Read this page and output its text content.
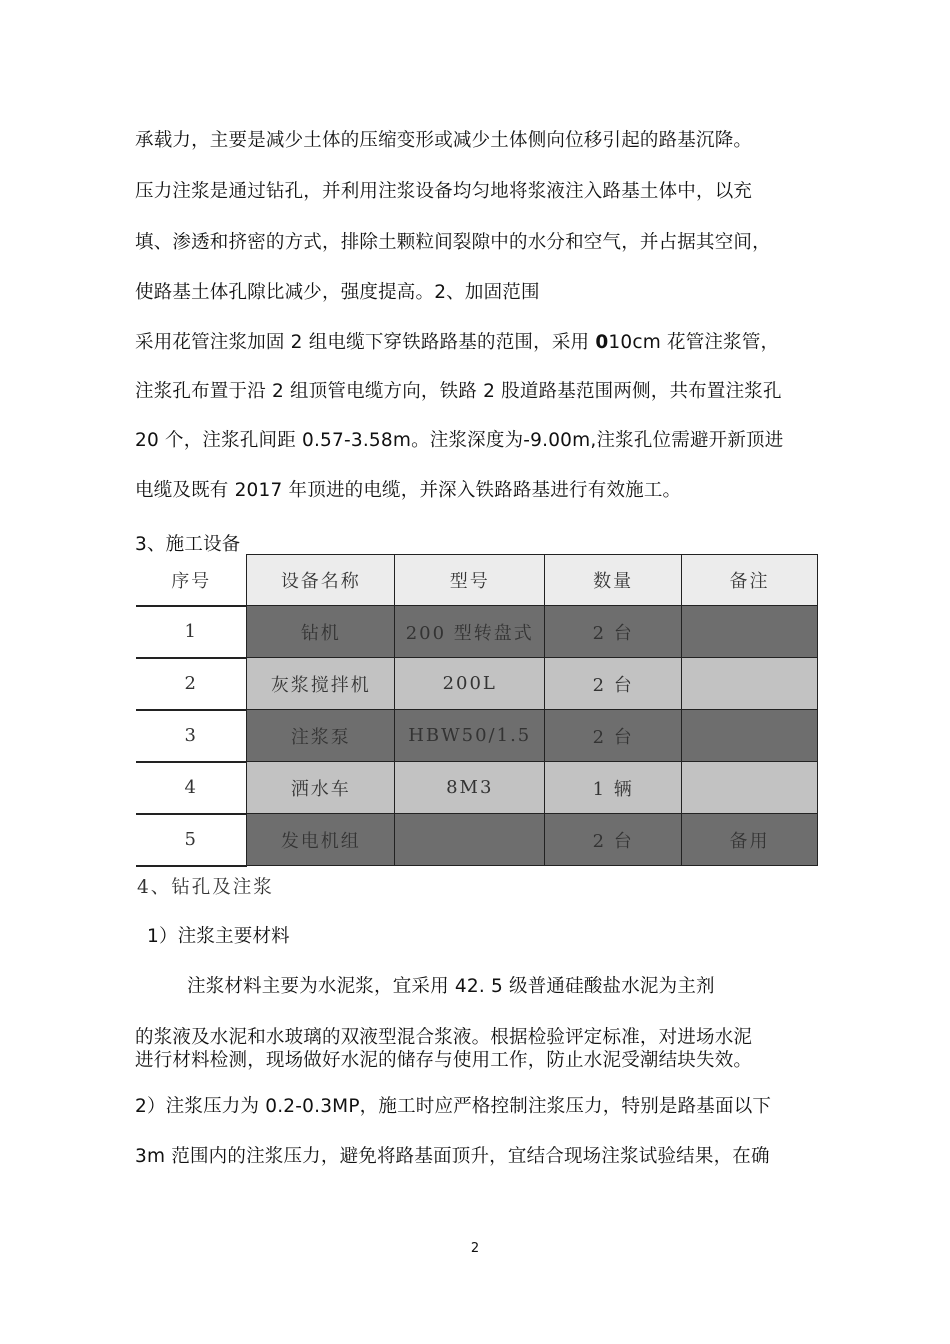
承载力，主要是减少土体的压缩变形或减少土体侧向位移引起的路基沉降。
压力注浆是通过钻孔，并利用注浆设备均匀地将浆液注入路基土体中，以充
填、渗透和挤密的方式，排除土颗粒间裂隙中的水分和空气，并占据其空间，
使路基土体孔隙比减少，强度提高。2、加固范围
采用花管注浆加固 2 组电缆下穿铁路路基的范围，采用 010cm 花管注浆管，
注浆孔布置于沿 2 组顶管电缆方向，铁路 2 股道路基范围两侧，共布置注浆孔
20 个，注浆孔间距 0.57-3.58m。注浆深度为-9.00m,注浆孔位需避开新顶进
电缆及既有 2017 年顶进的电缆，并深入铁路路基进行有效施工。
3、施工设备
序号	设备名称	型号	数量	备注
1	钻机	200 型转盘式	2 台	
2	灰浆搅拌机	200L	2 台	
3	注浆泵	HBW50/1.5	2 台	
4	洒水车	8M3	1 辆	
5	发电机组		2 台	备用
4、钻孔及注浆
1）注浆主要材料
注浆材料主要为水泥浆，宜采用 42. 5 级普通硅酸盐水泥为主剂
的浆液及水泥和水玻璃的双液型混合浆液。根据检验评定标准，对进场水泥
进行材料检测，现场做好水泥的储存与使用工作，防止水泥受潮结块失效。
2）注浆压力为 0.2-0.3MP，施工时应严格控制注浆压力，特别是路基面以下
3m 范围内的注浆压力，避免将路基面顶升，宜结合现场注浆试验结果，在确
2
